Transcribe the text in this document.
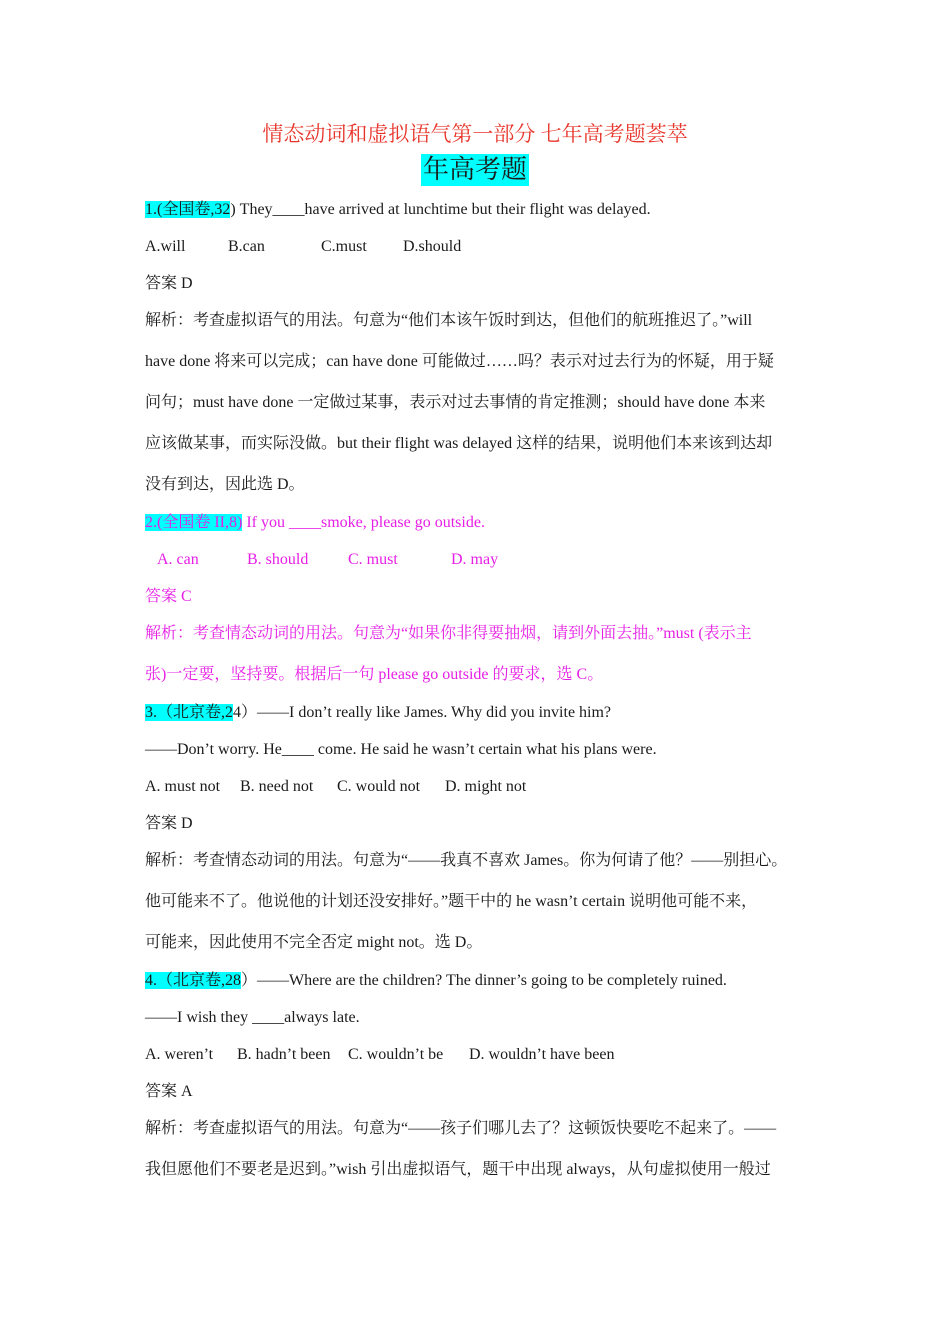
情态动词和虚拟语气第一部分 七年高考题荟萃
年高考题
1.(全国卷,32) They____have arrived at lunchtime but their flight was delayed.
A.will	B.can	C.must D.should
答案 D
解析：考查虚拟语气的用法。句意为“他们本该午饭时到达，但他们的航班推迟了。”will
have done 将来可以完成；can have done 可能做过……吗？表示对过去行为的怀疑，用于疑
问句；must have done 一定做过某事，表示对过去事情的肯定推测；should have done 本来
应该做某事，而实际没做。but their flight was delayed 这样的结果，说明他们本来该到达却
没有到达，因此选 D。
2.(全国卷 II,8) If you ____smoke, please go outside.
A. can	B. should C. must	D. may
答案 C
解析：考查情态动词的用法。句意为“如果你非得要抽烟，请到外面去抽。”must (表示主
张)一定要，坚持要。根据后一句 please go outside 的要求，选 C。
3.（北京卷,24）——I don’t really like James. Why did you invite him?
——Don’t worry. He____ come. He said he wasn’t certain what his plans were.
A. must not B. need not C. would not D. might not
答案 D
解析：考查情态动词的用法。句意为“——我真不喜欢 James。你为何请了他？——别担心。
他可能来不了。他说他的计划还没安排好。”题干中的 he wasn’t certain 说明他可能不来，
可能来，因此使用不完全否定 might not。选 D。
4.（北京卷,28）——Where are the children? The dinner’s going to be completely ruined.
——I wish they ____always late.
A. weren’t B. hadn’t been C. wouldn’t be D. wouldn’t have been
答案 A
解析：考查虚拟语气的用法。句意为“——孩子们哪儿去了？这顿饭快要吃不起来了。——
我但愿他们不要老是迟到。”wish 引出虚拟语气，题干中出现 always，从句虚拟使用一般过
